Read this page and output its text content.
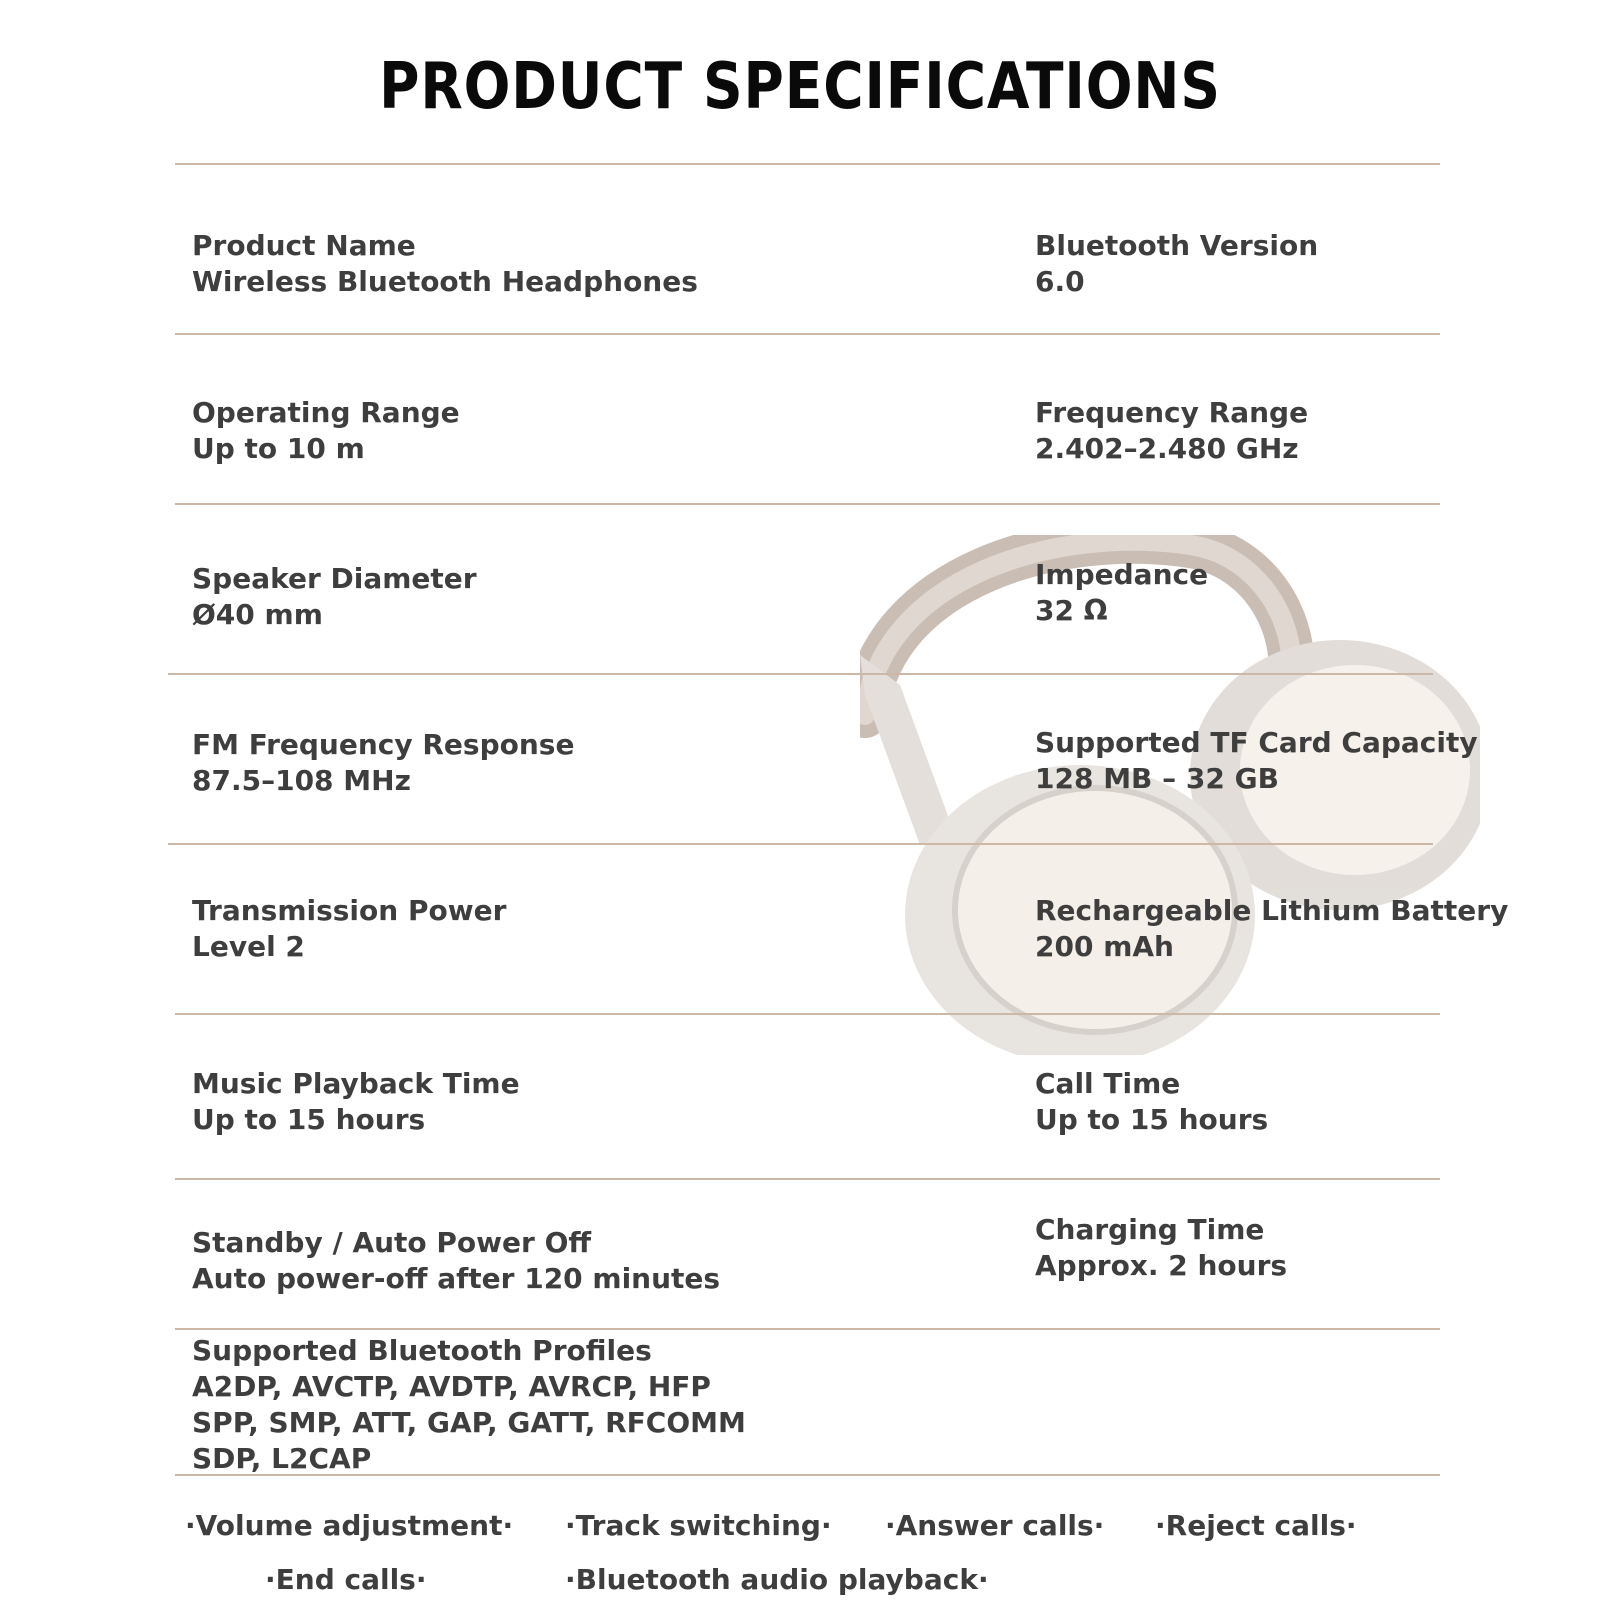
PRODUCT SPECIFICATIONS
Product Name
Wireless Bluetooth Headphones
Bluetooth Version
6.0
Operating Range
Up to 10 m
Frequency Range
2.402–2.480 GHz
Speaker Diameter
Ø40 mm
Impedance
32 Ω
FM Frequency Response
87.5–108 MHz
Supported TF Card Capacity
128 MB – 32 GB
Transmission Power
Level 2
Rechargeable Lithium Battery
200 mAh
Music Playback Time
Up to 15 hours
Call Time
Up to 15 hours
Standby / Auto Power Off
Auto power-off after 120 minutes
Charging Time
Approx. 2 hours
Supported Bluetooth Profiles
A2DP, AVCTP, AVDTP, AVRCP, HFP
SPP, SMP, ATT, GAP, GATT, RFCOMM
SDP, L2CAP
·Volume adjustment· ·Track switching· ·Answer calls· ·Reject calls·
·End calls·	·Bluetooth audio playback·
